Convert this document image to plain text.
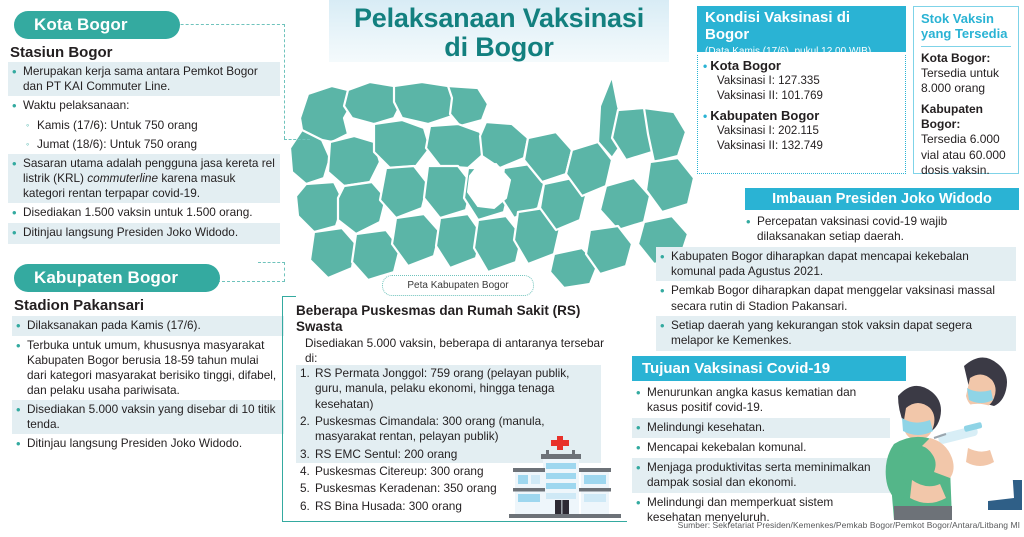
Pelaksanaan Vaksinasi
di Bogor
Peta Kabupaten Bogor
Kota Bogor
Stasiun Bogor
• Merupakan kerja sama antara Pemkot Bogor dan PT KAI Commuter Line.
• Waktu pelaksanaan:
◦ Kamis (17/6): Untuk 750 orang
◦ Jumat (18/6): Untuk 750 orang
• Sasaran utama adalah pengguna jasa kereta rel listrik (KRL) commuterline karena masuk kategori rentan terpapar covid-19.
• Disediakan 1.500 vaksin untuk 1.500 orang.
• Ditinjau langsung Presiden Joko Widodo.
Kabupaten Bogor
Stadion Pakansari
• Dilaksanakan pada Kamis (17/6).
• Terbuka untuk umum, khususnya masyarakat Kabupaten Bogor berusia 18-59 tahun mulai dari kategori masyarakat berisiko tinggi, difabel, dan pelaku usaha pariwisata.
• Disediakan 5.000 vaksin yang disebar di 10 titik tenda.
• Ditinjau langsung Presiden Joko Widodo.
Beberapa Puskesmas dan Rumah Sakit (RS) Swasta
Disediakan 5.000 vaksin, beberapa di antaranya tersebar di:
1. RS Permata Jonggol: 759 orang (pelayan publik, guru, manula, pelaku ekonomi, hingga tenaga kesehatan)
2. Puskesmas Cimandala: 300 orang (manula, masyarakat rentan, pelayan publik)
3. RS EMC Sentul: 200 orang
4. Puskesmas Citereup: 300 orang
5. Puskesmas Keradenan: 350 orang
6. RS Bina Husada: 300 orang
Kondisi Vaksinasi di Bogor
(Data Kamis (17/6), pukul 12.00 WIB)
• Kota Bogor
Vaksinasi I: 127.335
Vaksinasi II: 101.769
• Kabupaten Bogor
Vaksinasi I: 202.115
Vaksinasi II: 132.749
Stok Vaksin
yang Tersedia
Kota Bogor:
Tersedia untuk 8.000 orang
Kabupaten Bogor:
Tersedia 6.000 vial atau 60.000 dosis vaksin.
Imbauan Presiden Joko Widodo
• Percepatan vaksinasi covid-19 wajib dilaksanakan setiap daerah.
• Kabupaten Bogor diharapkan dapat mencapai kekebalan komunal pada Agustus 2021.
• Pemkab Bogor diharapkan dapat menggelar vaksinasi massal secara rutin di Stadion Pakansari.
• Setiap daerah yang kekurangan stok vaksin dapat segera melapor ke Kemenkes.
Tujuan Vaksinasi Covid-19
• Menurunkan angka kasus kematian dan kasus positif covid-19.
• Melindungi kesehatan.
• Mencapai kekebalan komunal.
• Menjaga produktivitas serta meminimalkan dampak sosial dan ekonomi.
• Melindungi dan memperkuat sistem kesehatan menyeluruh.
Sumber: Sekretariat Presiden/Kemenkes/Pemkab Bogor/Pemkot Bogor/Antara/Litbang MI
